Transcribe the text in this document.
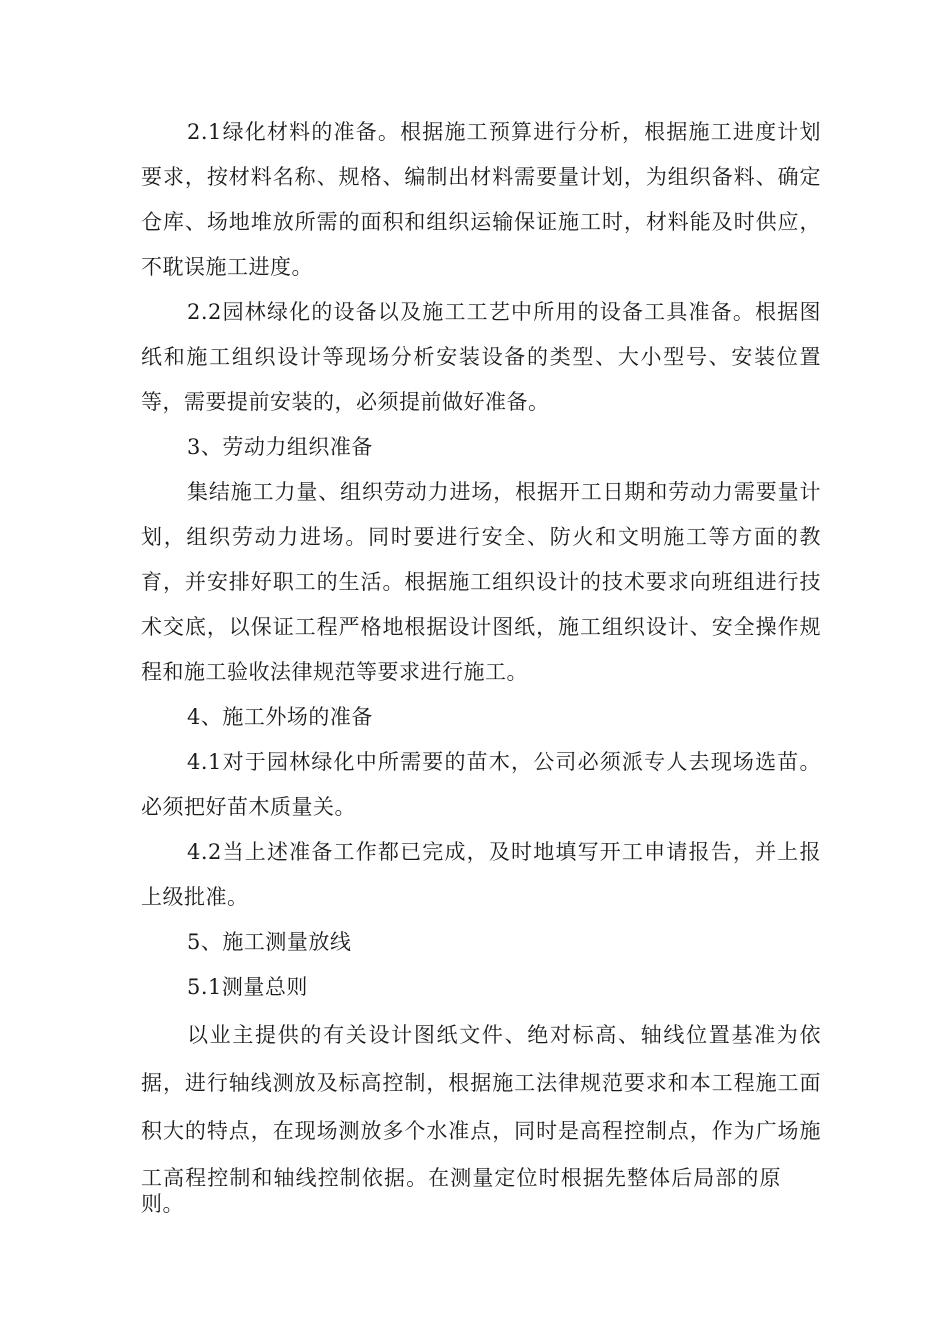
2.1绿化材料的准备。根据施工预算进行分析，根据施工进度计划
要求，按材料名称、规格、编制出材料需要量计划，为组织备料、确定
仓库、场地堆放所需的面积和组织运输保证施工时，材料能及时供应，
不耽误施工进度。
2.2园林绿化的设备以及施工工艺中所用的设备工具准备。根据图
纸和施工组织设计等现场分析安装设备的类型、大小型号、安装位置
等，需要提前安装的，必须提前做好准备。
3、劳动力组织准备
集结施工力量、组织劳动力进场，根据开工日期和劳动力需要量计
划，组织劳动力进场。同时要进行安全、防火和文明施工等方面的教
育，并安排好职工的生活。根据施工组织设计的技术要求向班组进行技
术交底，以保证工程严格地根据设计图纸，施工组织设计、安全操作规
程和施工验收法律规范等要求进行施工。
4、施工外场的准备
4.1对于园林绿化中所需要的苗木，公司必须派专人去现场选苗。
必须把好苗木质量关。
4.2当上述准备工作都已完成，及时地填写开工申请报告，并上报
上级批准。
5、施工测量放线
5.1测量总则
以业主提供的有关设计图纸文件、绝对标高、轴线位置基准为依
据，进行轴线测放及标高控制，根据施工法律规范要求和本工程施工面
积大的特点，在现场测放多个水准点，同时是高程控制点，作为广场施
工高程控制和轴线控制依据。在测量定位时根据先整体后局部的原
则。
